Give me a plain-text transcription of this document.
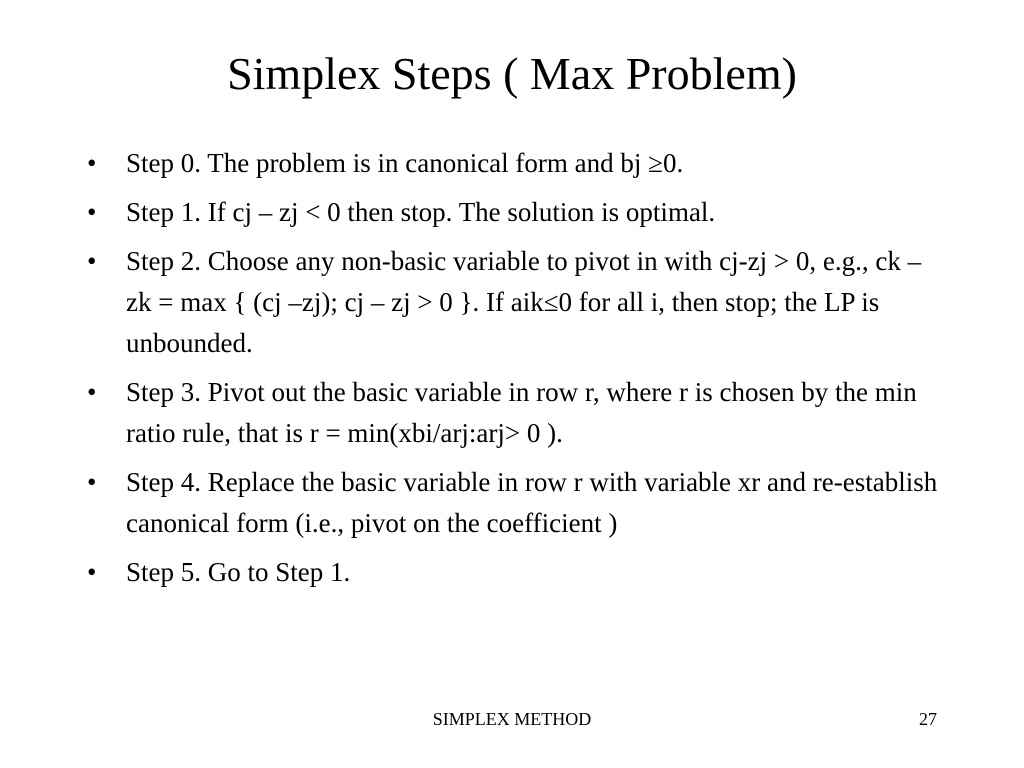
Simplex Steps ( Max Problem)
•	Step 0. The problem is in canonical form and bj ≥0.
•	Step 1. If cj – zj < 0 then stop. The solution is optimal.
•	Step 2. Choose any non-basic variable to pivot in with cj-zj > 0, e.g., ck – zk = max { (cj –zj); cj – zj > 0 }. If aik≤0 for all i, then stop; the LP is unbounded.
•	Step 3. Pivot out the basic variable in row r, where r is chosen by the min ratio rule, that is r = min(xbi/arj:arj> 0 ).
•	Step 4. Replace the basic variable in row r with variable xr and re-establish canonical form (i.e., pivot on the coefficient )
•	Step 5. Go to Step 1.
SIMPLEX METHOD	27
